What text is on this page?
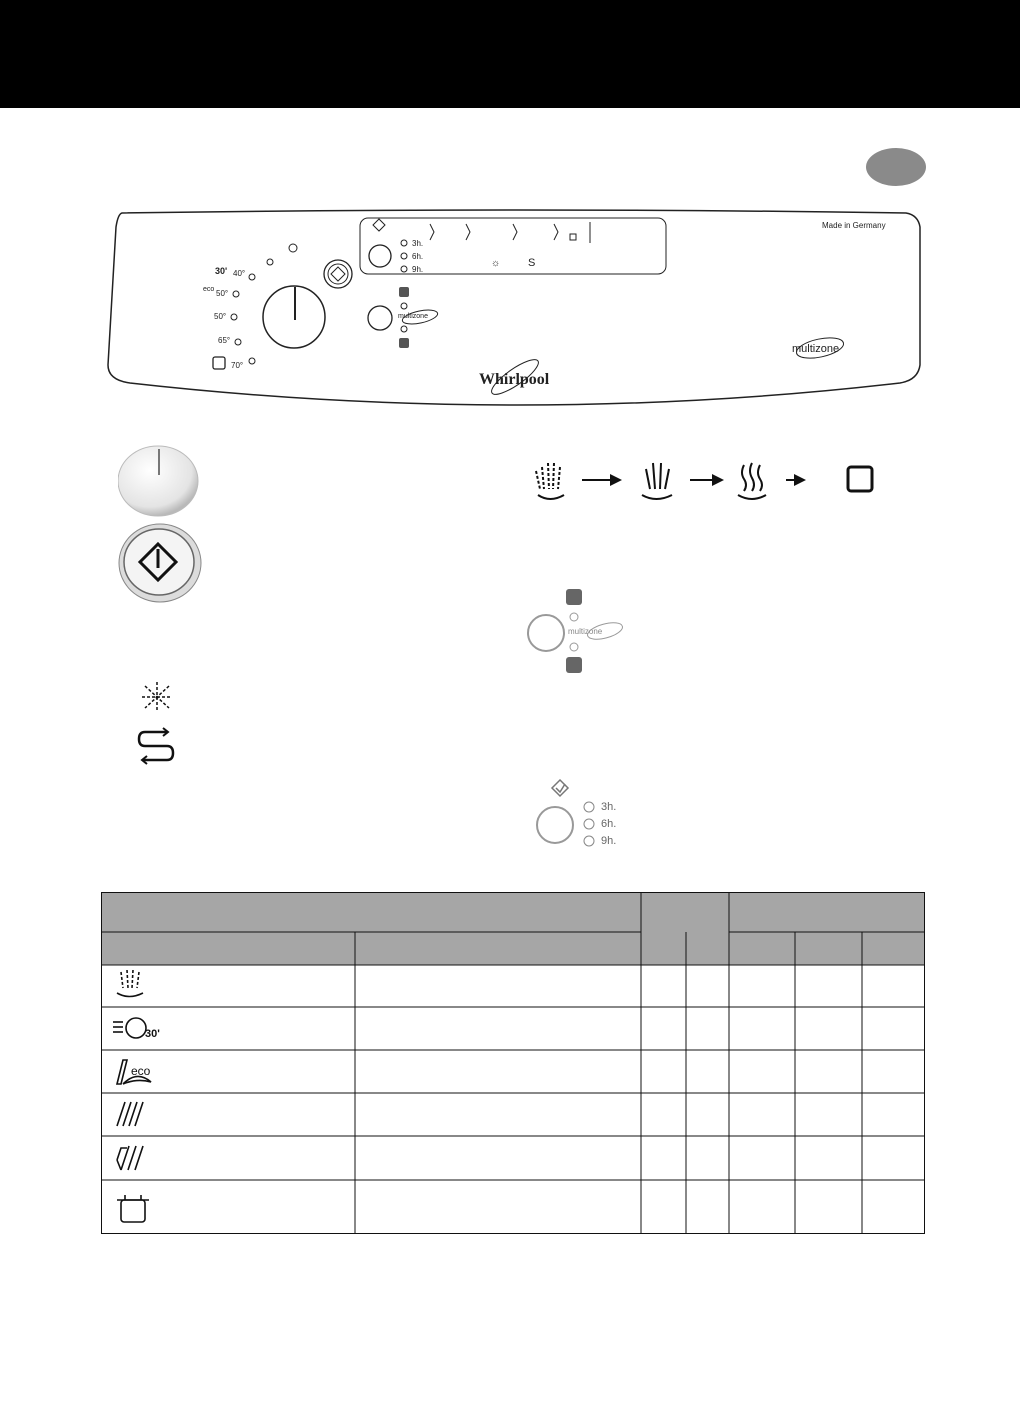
3h.
6h.
9h.
Made in Germany
multizone
multizone
Whirlpool
40°
50°
50°
65°
70°
30'
eco
☼	S
multizone
3h.
6h.
9h.
30'
eco
